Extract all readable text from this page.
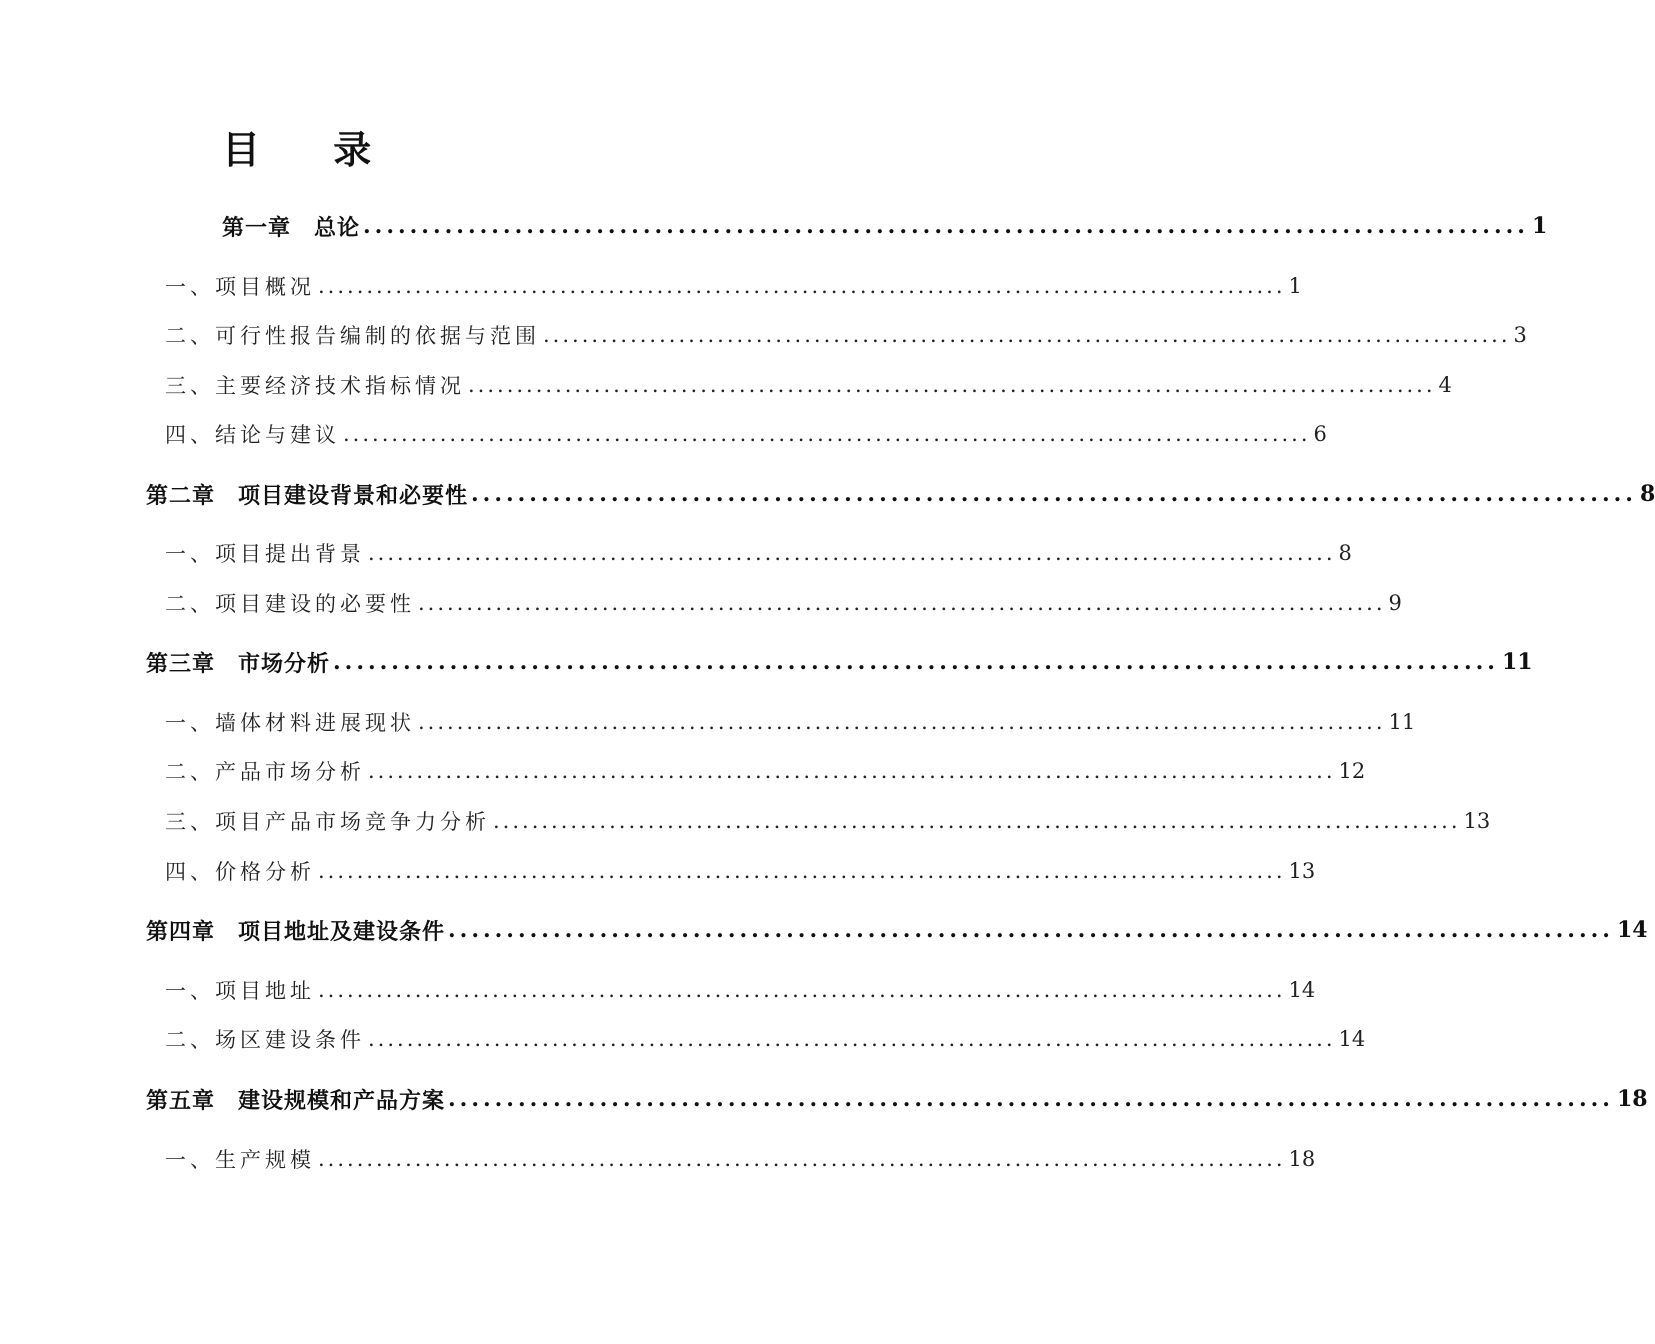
目 录
第一章　总论 .................................................................................................... 1
一、项目概况 .................................................................................................... 1
二、可行性报告编制的依据与范围 .................................................................................................... 3
三、主要经济技术指标情况 .................................................................................................... 4
四、结论与建议 .................................................................................................... 6
第二章　项目建设背景和必要性 .................................................................................................... 8
一、项目提出背景 .................................................................................................... 8
二、项目建设的必要性 .................................................................................................... 9
第三章　市场分析 .................................................................................................... 11
一、墙体材料进展现状 .................................................................................................... 11
二、产品市场分析 .................................................................................................... 12
三、项目产品市场竞争力分析 .................................................................................................... 13
四、价格分析 .................................................................................................... 13
第四章　项目地址及建设条件 .................................................................................................... 14
一、项目地址 .................................................................................................... 14
二、场区建设条件 .................................................................................................... 14
第五章　建设规模和产品方案 .................................................................................................... 18
一、生产规模 .................................................................................................... 18
